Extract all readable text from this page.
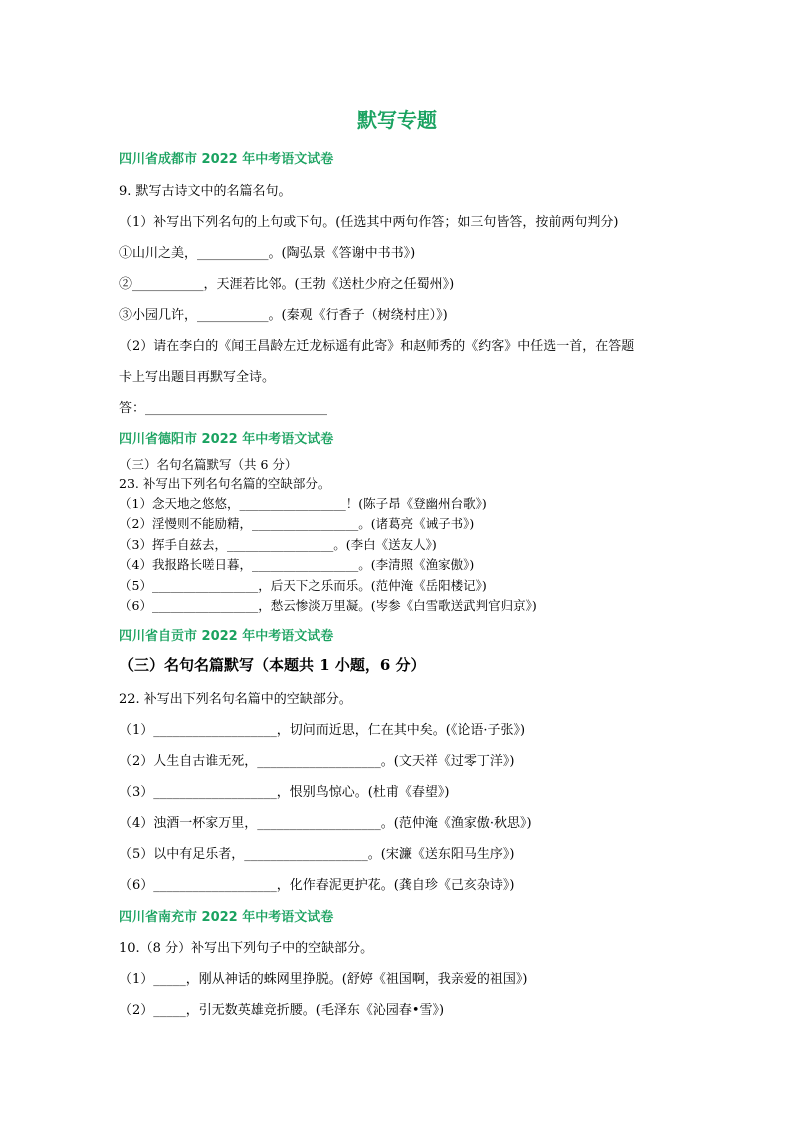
默写专题
四川省成都市 2022 年中考语文试卷
9. 默写古诗文中的名篇名句。
（1）补写出下列名句的上句或下句。(任选其中两句作答；如三句皆答，按前两句判分)
①山川之美，___________。(陶弘景《答谢中书书》)
②___________，天涯若比邻。(王勃《送杜少府之任蜀州》)
③小园几许，___________。(秦观《行香子（树绕村庄）》)
（2）请在李白的《闻王昌龄左迁龙标遥有此寄》和赵师秀的《约客》中任选一首，在答题
卡上写出题目再默写全诗。
答：____________________________
四川省德阳市 2022 年中考语文试卷
（三）名句名篇默写（共 6 分）
23. 补写出下列名句名篇的空缺部分。
（1）念天地之悠悠，_________________！(陈子昂《登幽州台歌》)
（2）淫慢则不能励精，_________________。(诸葛亮《诫子书》)
（3）挥手自兹去，_________________。(李白《送友人》)
（4）我报路长嗟日暮，_________________。(李清照《渔家傲》)
（5）_________________，后天下之乐而乐。(范仲淹《岳阳楼记》)
（6）_________________，愁云惨淡万里凝。(岑参《白雪歌送武判官归京》)
四川省自贡市 2022 年中考语文试卷
（三）名句名篇默写（本题共 1 小题，6 分）
22. 补写出下列名句名篇中的空缺部分。
（1）___________________，切问而近思，仁在其中矣。(《论语·子张》)
（2）人生自古谁无死，___________________。(文天祥《过零丁洋》)
（3）___________________，恨别鸟惊心。(杜甫《春望》)
（4）浊酒一杯家万里，___________________。(范仲淹《渔家傲·秋思》)
（5）以中有足乐者，___________________。(宋濂《送东阳马生序》)
（6）___________________，化作春泥更护花。(龚自珍《己亥杂诗》)
四川省南充市 2022 年中考语文试卷
10.（8 分）补写出下列句子中的空缺部分。
（1）_____，刚从神话的蛛网里挣脱。(舒婷《祖国啊，我亲爱的祖国》)
（2）_____，引无数英雄竞折腰。(毛泽东《沁园春•雪》)
